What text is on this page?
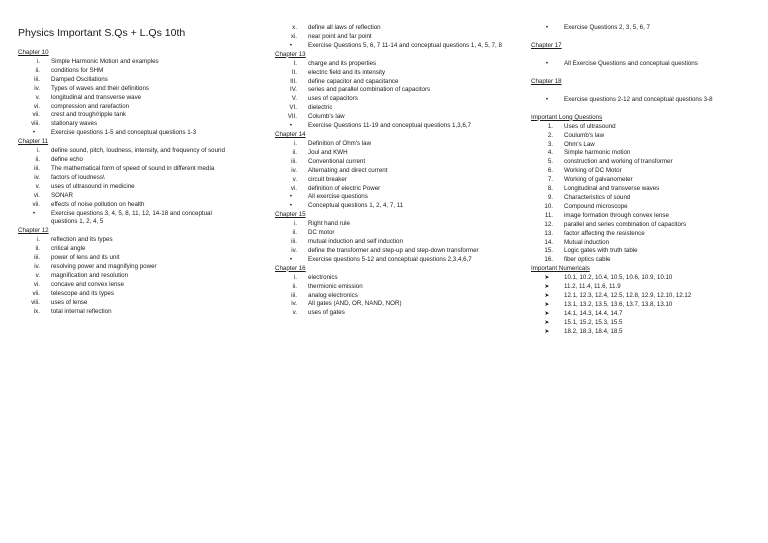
Physics Important S.Qs + L.Qs 10th
Chapter 10
i. Simple Harmonic Motion and examples
ii. conditions for SHM
iii. Damped Oscillations
iv. Types of waves and their definitions
v. longitudinal and transverse wave
vi. compression and rarefaction
vii. crest and trough/ripple tank
viii. stationary waves
•	Exercise questions 1-5 and conceptual questions 1-3
Chapter 11
i. define sound, pitch, loudness, intensity, and frequency of sound
ii. define echo
iii. The mathematical form of speed of sound in different media
iv. factors of loudness\
v. uses of ultrasound in medicine
vi. SONAR
vii. effects of noise pollution on health
•	Exercise questions 3, 4, 5, 8, 11, 12, 14-18 and conceptual questions 1, 2, 4, 5
Chapter 12
i. reflection and its types
ii. critical angle
iii. power of lens and its unit
iv. resolving power and magnifying power
v. magnification and resolution
vi. concave and convex lense
vii. telescope and its types
viii. uses of lense
ix. total internal reflection
x. define all laws of reflection
xi. near point and far point
•	Exercise Questions 5, 6, 7 11-14 and conceptual questions 1, 4, 5, 7, 8
Chapter 13
I. charge and its properties
II. electric field and its intensity
III. define capacitor and capacitance
IV. series and parallel combination of capacitors
V. uses of capacitors
VI. dielectric
VII. Columb's law
•	Exercise Questions 11-19 and conceptual questions 1,3,6,7
Chapter 14
i. Definition of Ohm's law
ii. Joul and KWH
iii. Conventional current
iv. Alternating and direct current
v. circuit breaker
vi. definition of electric Power
•	All exercise questions
•	Conceptual questions 1, 2, 4, 7, 11
Chapter 15
i. Right hand rule
ii. DC motor
iii. mutual induction and self induction
iv. define the transformer and step-up and step-down transformer
•	Exercise questions 5-12 and conceptual questions 2,3,4,6,7
Chapter 16
i. electronics
ii. thermionic emission
iii. analog electronics
iv. All gates (AND, OR, NAND, NOR)
v. uses of gates
•	Exercise Questions 2, 3, 5, 6, 7
Chapter 17
•	All Exercise Questions and conceptual questions
Chapter 18
•	Exercise questions 2-12 and conceptual questions 3-8
Important Long Questions
1. Uses of ultrasound
2. Coulumb's law
3. Ohm's Law
4. Simple harmonic motion
5. construction and working of transformer
6. Working of DC Motor
7. Working of galvanometer
8. Longitudinal and transverse waves
9. Characteristics of sound
10. Compound microscope
11. image formation through convex lense
12. parallel and series combination of capacitors
13. factor affecting the resistence
14. Mutual induction
15. Logic gates with truth table
16. fiber optics cable
Important Numericals
➤	10.1, 10.2, 10.4, 10.5, 10.6, 10.9, 10.10
➤	11.2, 11.4, 11.6, 11.9
➤	12.1, 12.3, 12.4, 12.5, 12.8, 12.9, 12.10, 12.12
➤	13.1, 13.2, 13.5, 13.6, 13.7, 13.8, 13.10
➤	14.1, 14.3, 14.4, 14.7
➤	15.1, 15.2, 15.3, 15.5
➤	18.2, 18.3, 18.4, 18.5
